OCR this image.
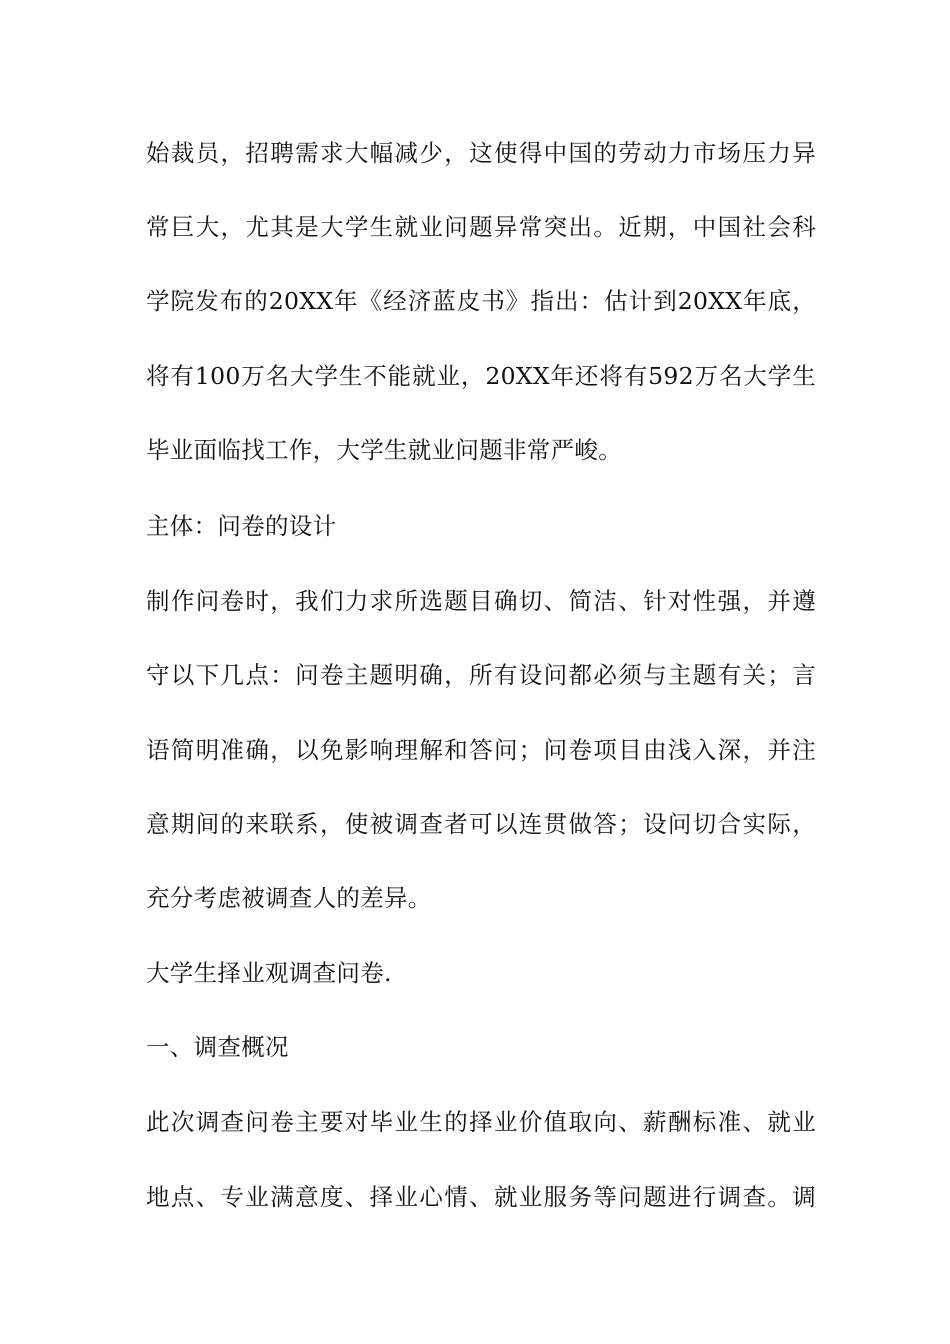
始裁员，招聘需求大幅减少，这使得中国的劳动力市场压力异
常巨大，尤其是大学生就业问题异常突出。近期，中国社会科
学院发布的20XX年《经济蓝皮书》指出：估计到20XX年底，
将有100万名大学生不能就业，20XX年还将有592万名大学生
毕业面临找工作，大学生就业问题非常严峻。
主体：问卷的设计
制作问卷时，我们力求所选题目确切、简洁、针对性强，并遵
守以下几点：问卷主题明确，所有设问都必须与主题有关；言
语简明准确，以免影响理解和答问；问卷项目由浅入深，并注
意期间的来联系，使被调查者可以连贯做答；设问切合实际，
充分考虑被调查人的差异。
大学生择业观调查问卷.
一、调查概况
此次调查问卷主要对毕业生的择业价值取向、薪酬标准、就业
地点、专业满意度、择业心情、就业服务等问题进行调查。调
